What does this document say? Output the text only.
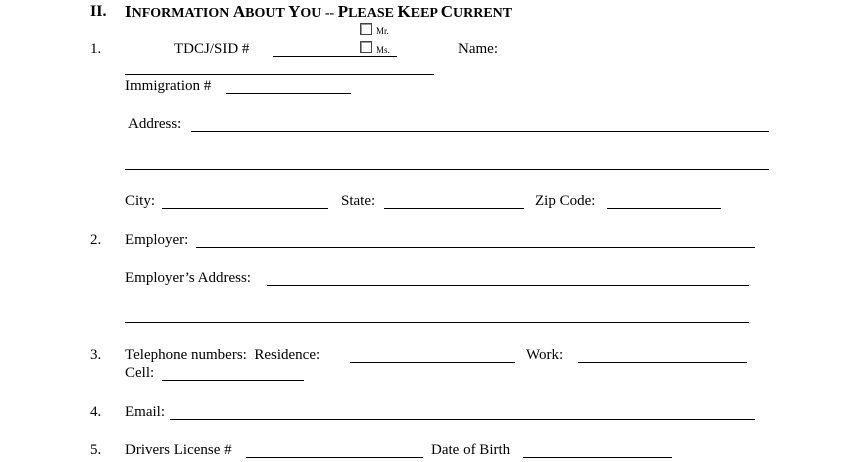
II. INFORMATION ABOUT YOU -- PLEASE KEEP CURRENT
1.	TDCJ/SID #
Mr.
Ms.	Name:
Immigration #
Address:
City:	State:	Zip Code:
2. Employer:
Employer’s Address:
3. Telephone numbers:  Residence:	Work:
Cell:
4. Email:
5. Drivers License #	Date of Birth
